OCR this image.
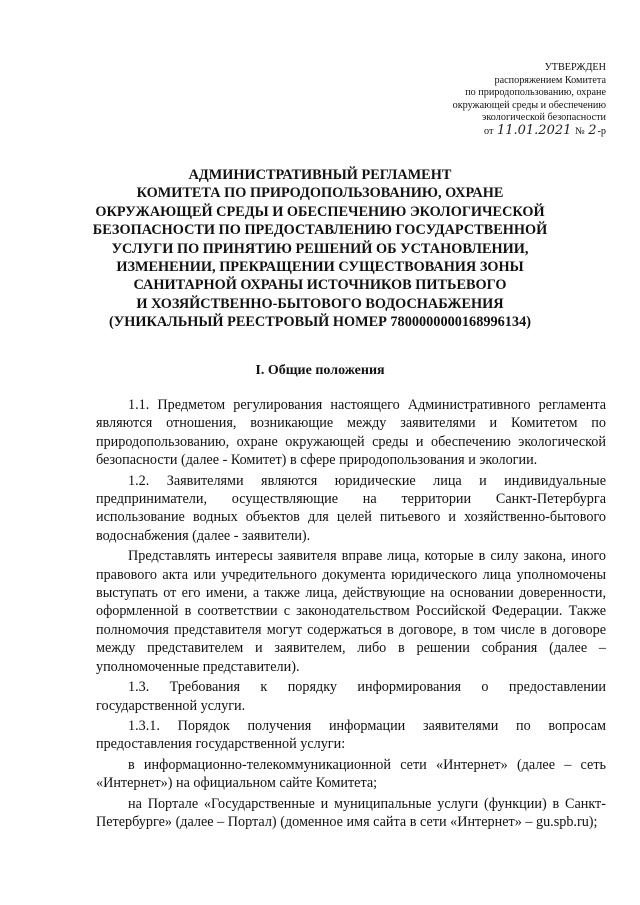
УТВЕРЖДЕН
распоряжением Комитета
по природопользованию, охране
окружающей среды и обеспечению
экологической безопасности
от 11.01.2021 № 2-р
АДМИНИСТРАТИВНЫЙ РЕГЛАМЕНТ
КОМИТЕТА ПО ПРИРОДОПОЛЬЗОВАНИЮ, ОХРАНЕ
ОКРУЖАЮЩЕЙ СРЕДЫ И ОБЕСПЕЧЕНИЮ ЭКОЛОГИЧЕСКОЙ
БЕЗОПАСНОСТИ ПО ПРЕДОСТАВЛЕНИЮ ГОСУДАРСТВЕННОЙ
УСЛУГИ ПО ПРИНЯТИЮ РЕШЕНИЙ ОБ УСТАНОВЛЕНИИ,
ИЗМЕНЕНИИ, ПРЕКРАЩЕНИИ СУЩЕСТВОВАНИЯ ЗОНЫ
САНИТАРНОЙ ОХРАНЫ ИСТОЧНИКОВ ПИТЬЕВОГО
И ХОЗЯЙСТВЕННО-БЫТОВОГО ВОДОСНАБЖЕНИЯ
(УНИКАЛЬНЫЙ РЕЕСТРОВЫЙ НОМЕР 7800000000168996134)
I. Общие положения

1.1. Предметом регулирования настоящего Административного регламента являются отношения, возникающие между заявителями и Комитетом по природопользованию, охране окружающей среды и обеспечению экологической безопасности (далее - Комитет) в сфере природопользования и экологии.

1.2. Заявителями являются юридические лица и индивидуальные предприниматели, осуществляющие на территории Санкт-Петербурга использование водных объектов для целей питьевого и хозяйственно-бытового водоснабжения (далее - заявители).

Представлять интересы заявителя вправе лица, которые в силу закона, иного правового акта или учредительного документа юридического лица уполномочены выступать от его имени, а также лица, действующие на основании доверенности, оформленной в соответствии с законодательством Российской Федерации. Также полномочия представителя могут содержаться в договоре, в том числе в договоре между представителем и заявителем, либо в решении собрания (далее – уполномоченные представители).

1.3. Требования к порядку информирования о предоставлении государственной услуги.

1.3.1. Порядок получения информации заявителями по вопросам предоставления государственной услуги:

в информационно-телекоммуникационной сети «Интернет» (далее – сеть «Интернет») на официальном сайте Комитета;

на Портале «Государственные и муниципальные услуги (функции) в Санкт-Петербурге» (далее – Портал) (доменное имя сайта в сети «Интернет» – gu.spb.ru);
